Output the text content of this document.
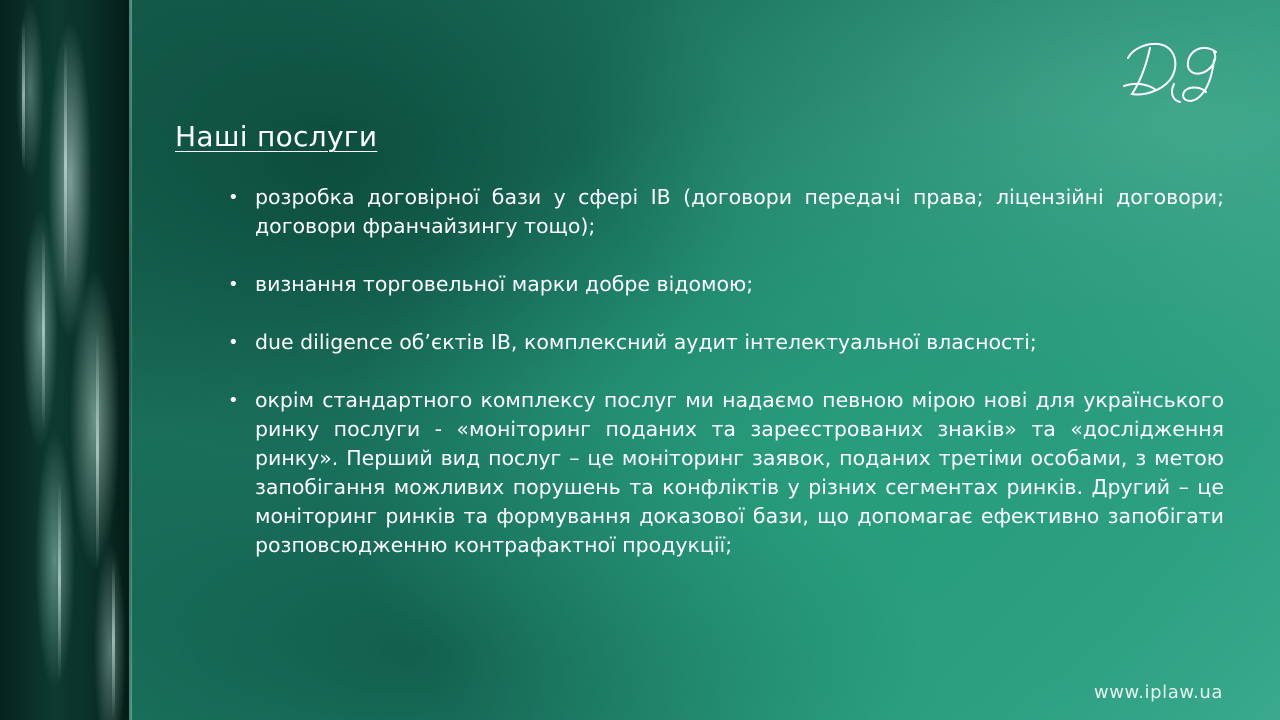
Наші послуги
• розробка договірної бази у сфері ІВ (договори передачі права; ліцензійні договори; договори франчайзингу тощо);
• визнання торговельної марки добре відомою;
• due diligence об’єктів ІВ, комплексний аудит інтелектуальної власності;
• окрім стандартного комплексу послуг ми надаємо певною мірою нові для українського ринку послуги - «моніторинг поданих та зареєстрованих знаків» та «дослідження ринку». Перший вид послуг – це моніторинг заявок, поданих третіми особами, з метою запобігання можливих порушень та конфліктів у різних сегментах ринків. Другий – це моніторинг ринків та формування доказової бази, що допомагає ефективно запобігати розповсюдженню контрафактної продукції;
www.iplaw.ua
